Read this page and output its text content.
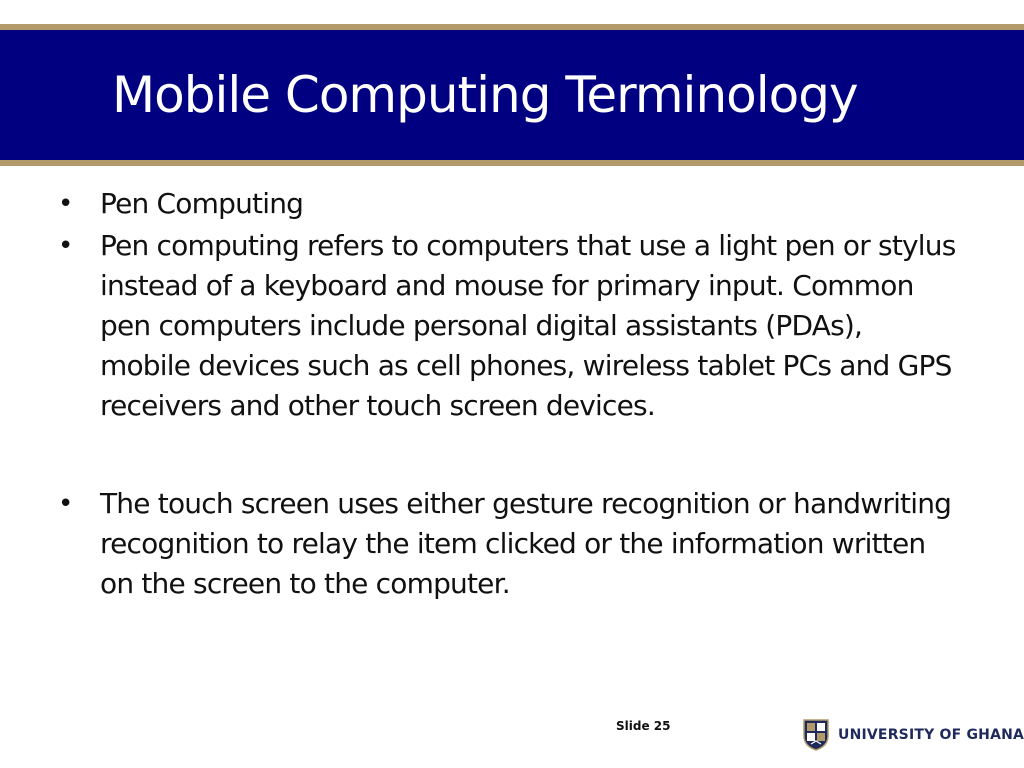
Mobile Computing Terminology

• Pen Computing

• Pen computing refers to computers that use a light pen or stylus instead of a keyboard and mouse for primary input. Common pen computers include personal digital assistants (PDAs), mobile devices such as cell phones, wireless tablet PCs and GPS receivers and other touch screen devices.

• The touch screen uses either gesture recognition or handwriting recognition to relay the item clicked or the information written on the screen to the computer.

Slide 25
UNIVERSITY OF GHANA
